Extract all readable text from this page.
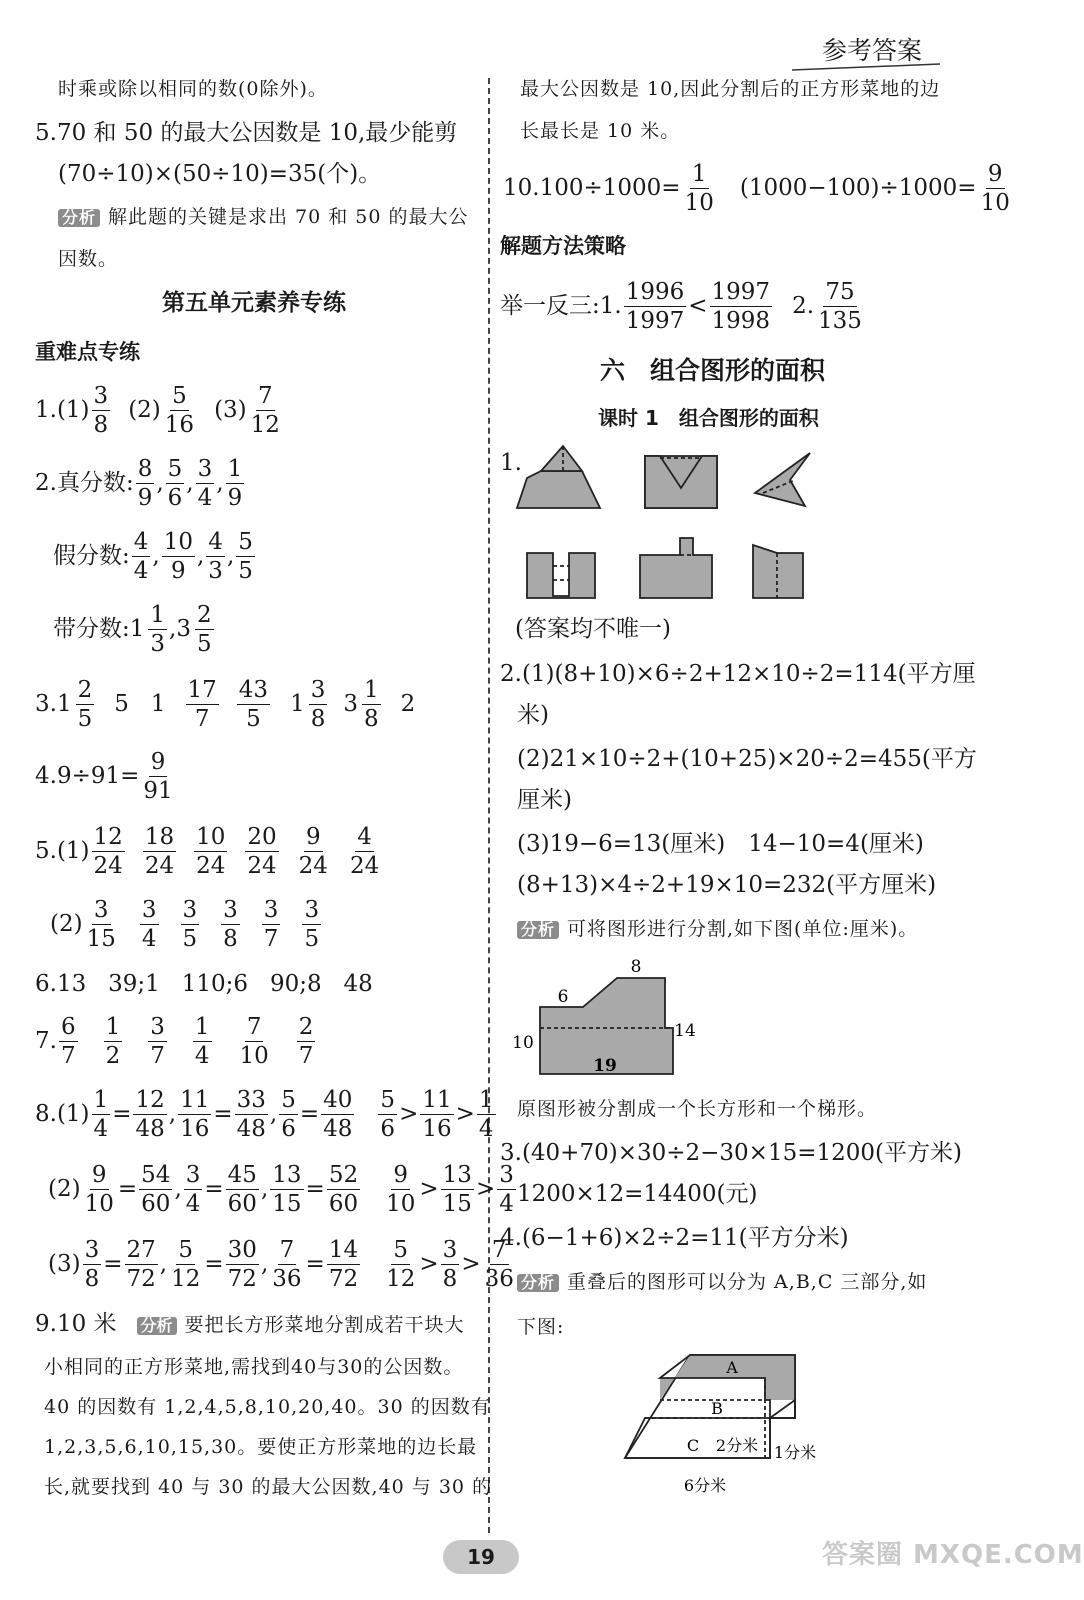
参考答案
时乘或除以相同的数(0除外)。
5.70 和 50 的最大公因数是 10,最少能剪
(70÷10)×(50÷10)=35(个)。
分析 解此题的关键是求出 70 和 50 的最大公
因数。
第五单元素养专练
重难点专练
1. (1)
3
8
(2)
5
16
(3)
7
12
2. 真分数:
8
9
,
5
6
,
3
4
,
1
9
假分数:
4
4
,
10
9
,
4
3
,
5
5
带分数: 1
1
3
, 3
2
5
3. 1
2
5
5 1
17
7
43
5
1
3
8
3
1
8
2
4. $9\div 91= \frac{9}{91}$
5. (1)
12
24
18
24
10
24
20
24
9
24
4
24
(2)
3
15
3
4
3
5
3
8
3
7
3
5
6.13   39;1   110;6   90;8   48
7.
6
7
1
2
3
7
1
4
7
10
2
7
8. $(1) \frac{1}{4} = \frac{12}{48}$ , $\frac{11}{16} = \frac{33}{48}$ , $\frac{5}{6} = \frac{40}{48} 5$
6
>
11
16
>
1
4
$(2) \frac{9}{10} = \frac{54}{60}$ , $\frac{3}{4} = \frac{45}{60}$ , $\frac{13}{15} = \frac{52}{60} 9$
10
>
13
15
>
3
4
$(3) \frac{3}{8} = \frac{27}{72}$ , $\frac{5}{12} = \frac{30}{72}$ , $\frac{7}{36} = \frac{14}{72} 5$
12
>
3
8
>
7
36
9.10 米 分析 要把长方形菜地分割成若干块大
小相同的正方形菜地,需找到40与30的公因数。
40 的因数有 1,2,4,5,8,10,20,40。30 的因数有
1,2,3,5,6,10,15,30。要使正方形菜地的边长最
长,就要找到 40 与 30 的最大公因数,40 与 30 的
最大公因数是 10,因此分割后的正方形菜地的边
长最长是 10 米。
10. $100\div 1000= \frac{1}{10} (1000-100)\div 1000= \frac{9}{10}$
解题方法策略
举一反三:1.
1996
1997
<
1997
1998
2.
75
135
六　组合图形的面积
课时 1　组合图形的面积
1.
(答案均不唯一)
2.(1)(8+10)×6÷2+12×10÷2=114(平方厘
米)
(2)21×10÷2+(10+25)×20÷2=455(平方
厘米)
(3)19−6=13(厘米)　14−10=4(厘米)
(8+13)×4÷2+19×10=232(平方厘米)
分析 可将图形进行分割,如下图(单位:厘米)。
8
6
10
14
19
原图形被分割成一个长方形和一个梯形。
3.(40+70)×30÷2−30×15=1200(平方米)
1200×12=14400(元)
4.(6−1+6)×2÷2=11(平方分米)
分析 重叠后的图形可以分为 A,B,C 三部分,如
下图:
A
B
C 2分米 1分米
6分米
19	答案圈 MXQE.COM
